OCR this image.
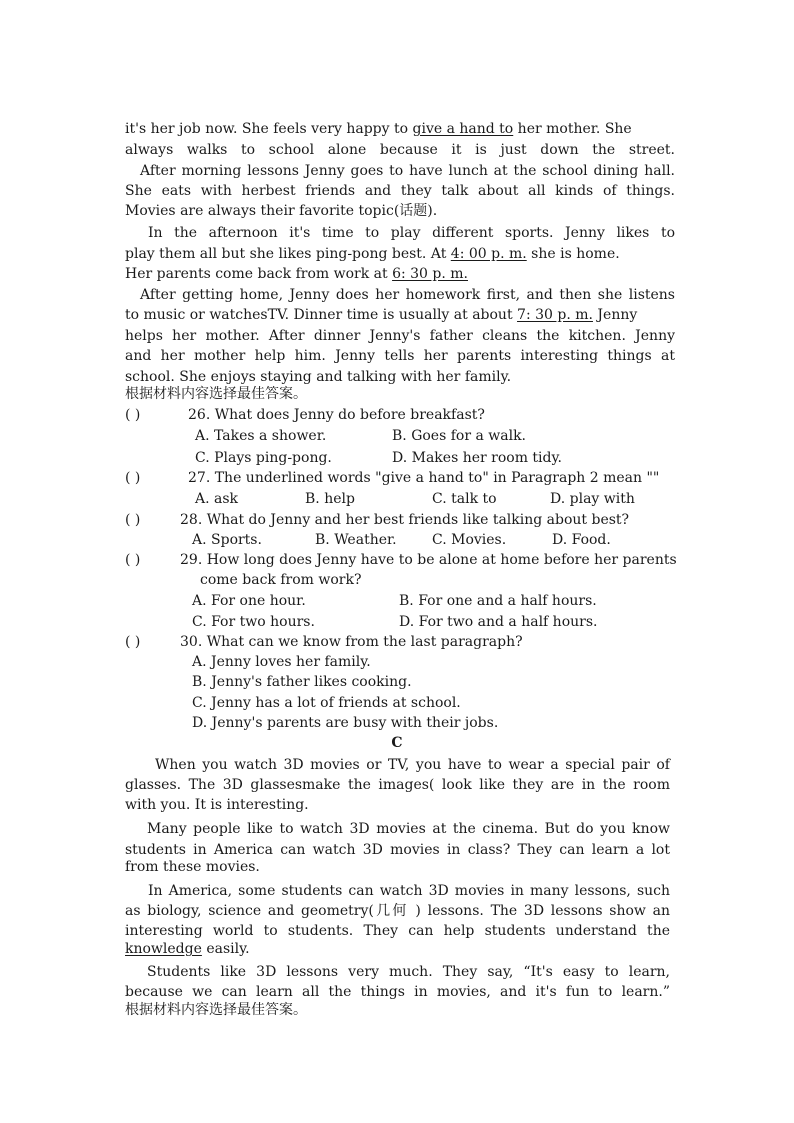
it's her job now. She feels very happy to give a hand to her mother. She
always walks to school alone because it is just down the street.
After morning lessons Jenny goes to have lunch at the school dining hall.
She eats with herbest friends and they talk about all kinds of things.
Movies are always their favorite topic(话题).
In the afternoon it's time to play different sports. Jenny likes to
play them all but she likes ping-pong best. At 4: 00 p. m. she is home.
Her parents come back from work at 6: 30 p. m.
After getting home, Jenny does her homework first, and then she listens
to music or watchesTV. Dinner time is usually at about 7: 30 p. m. Jenny
helps her mother. After dinner Jenny's father cleans the kitchen. Jenny
and her mother help him. Jenny tells her parents interesting things at
school. She enjoys staying and talking with her family.
根据材料内容选择最佳答案。
( )	26. What does Jenny do before breakfast?
A. Takes a shower.	B. Goes for a walk.
C. Plays ping-pong.	D. Makes her room tidy.
( )	27. The underlined words "give a hand to" in Paragraph 2 mean ""
A. ask	B. help	C. talk to	D. play with
( )	28. What do Jenny and her best friends like talking about best?
A. Sports.	B. Weather.	C. Movies.	D. Food.
( )	29. How long does Jenny have to be alone at home before her parents
come back from work?
A. For one hour.	B. For one and a half hours.
C. For two hours.	D. For two and a half hours.
( )	30. What can we know from the last paragraph?
A. Jenny loves her family.
B. Jenny's father likes cooking.
C. Jenny has a lot of friends at school.
D. Jenny's parents are busy with their jobs.
C
When you watch 3D movies or TV, you have to wear a special pair of
glasses. The 3D glassesmake the images( look like they are in the room
with you. It is interesting.
Many people like to watch 3D movies at the cinema. But do you know
students in America can watch 3D movies in class? They can learn a lot
from these movies.
In America, some students can watch 3D movies in many lessons, such
as biology, science and geometry(几何 ) lessons. The 3D lessons show an
interesting world to students. They can help students understand the
knowledge easily.
Students like 3D lessons very much. They say, “It's easy to learn,
because we can learn all the things in movies, and it's fun to learn.”
根据材料内容选择最佳答案。
